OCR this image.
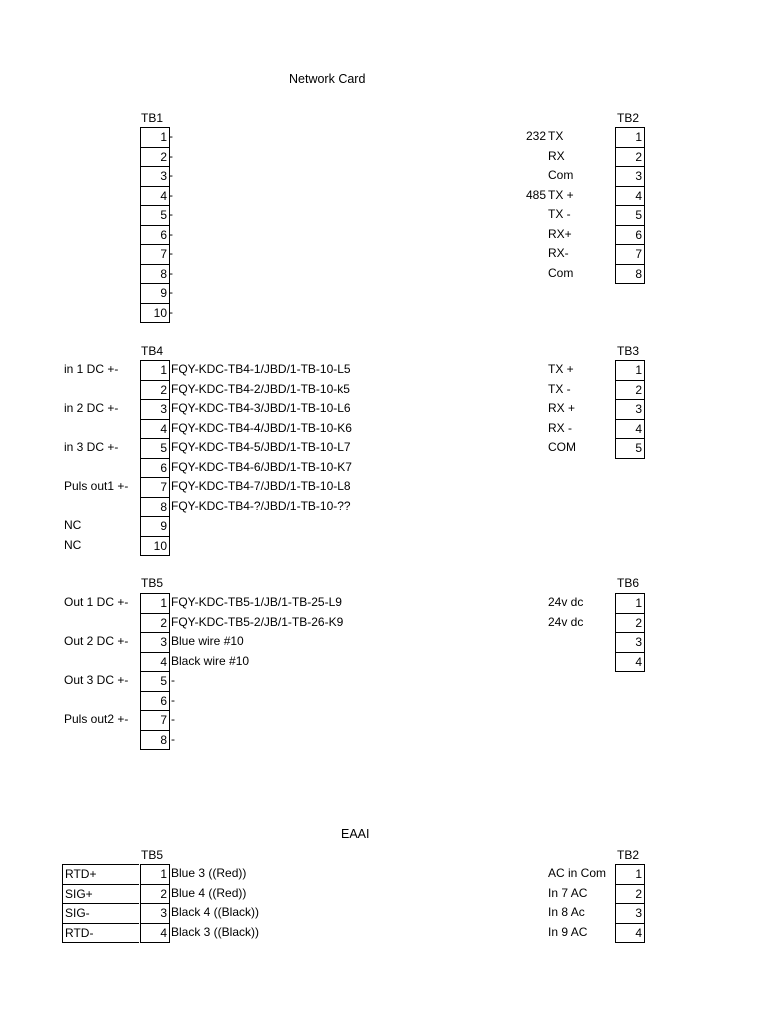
Network Card
TB1
1
2
3
4
5
6
7
8
9
10
-
-
-
-
-
-
-
-
-
-
TB2
1
2
3
4
5
6
7
8
232
485
TX
RX
Com
TX +
TX -
RX+
RX-
Com
TB4
1
2
3
4
5
6
7
8
9
10
in 1 DC +-
in 2 DC +-
in 3 DC +-
Puls out1 +-
NC
NC
FQY-KDC-TB4-1/JBD/1-TB-10-L5
FQY-KDC-TB4-2/JBD/1-TB-10-k5
FQY-KDC-TB4-3/JBD/1-TB-10-L6
FQY-KDC-TB4-4/JBD/1-TB-10-K6
FQY-KDC-TB4-5/JBD/1-TB-10-L7
FQY-KDC-TB4-6/JBD/1-TB-10-K7
FQY-KDC-TB4-7/JBD/1-TB-10-L8
FQY-KDC-TB4-?/JBD/1-TB-10-??
TB3
1
2
3
4
5
TX +
TX -
RX +
RX -
COM
TB5
1
2
3
4
5
6
7
8
Out 1 DC +-
Out 2 DC +-
Out 3 DC +-
Puls out2 +-
FQY-KDC-TB5-1/JB/1-TB-25-L9
FQY-KDC-TB5-2/JB/1-TB-26-K9
Blue wire #10
Black wire #10
-
-
-
-
TB6
1
2
3
4
24v dc
24v dc
EAAI
TB5
RTD+
SIG+
SIG-
RTD-
1
2
3
4
Blue 3 ((Red))
Blue 4 ((Red))
Black 4 ((Black))
Black 3 ((Black))
TB2
1
2
3
4
AC in Com
In 7 AC
In 8 Ac
In 9 AC
